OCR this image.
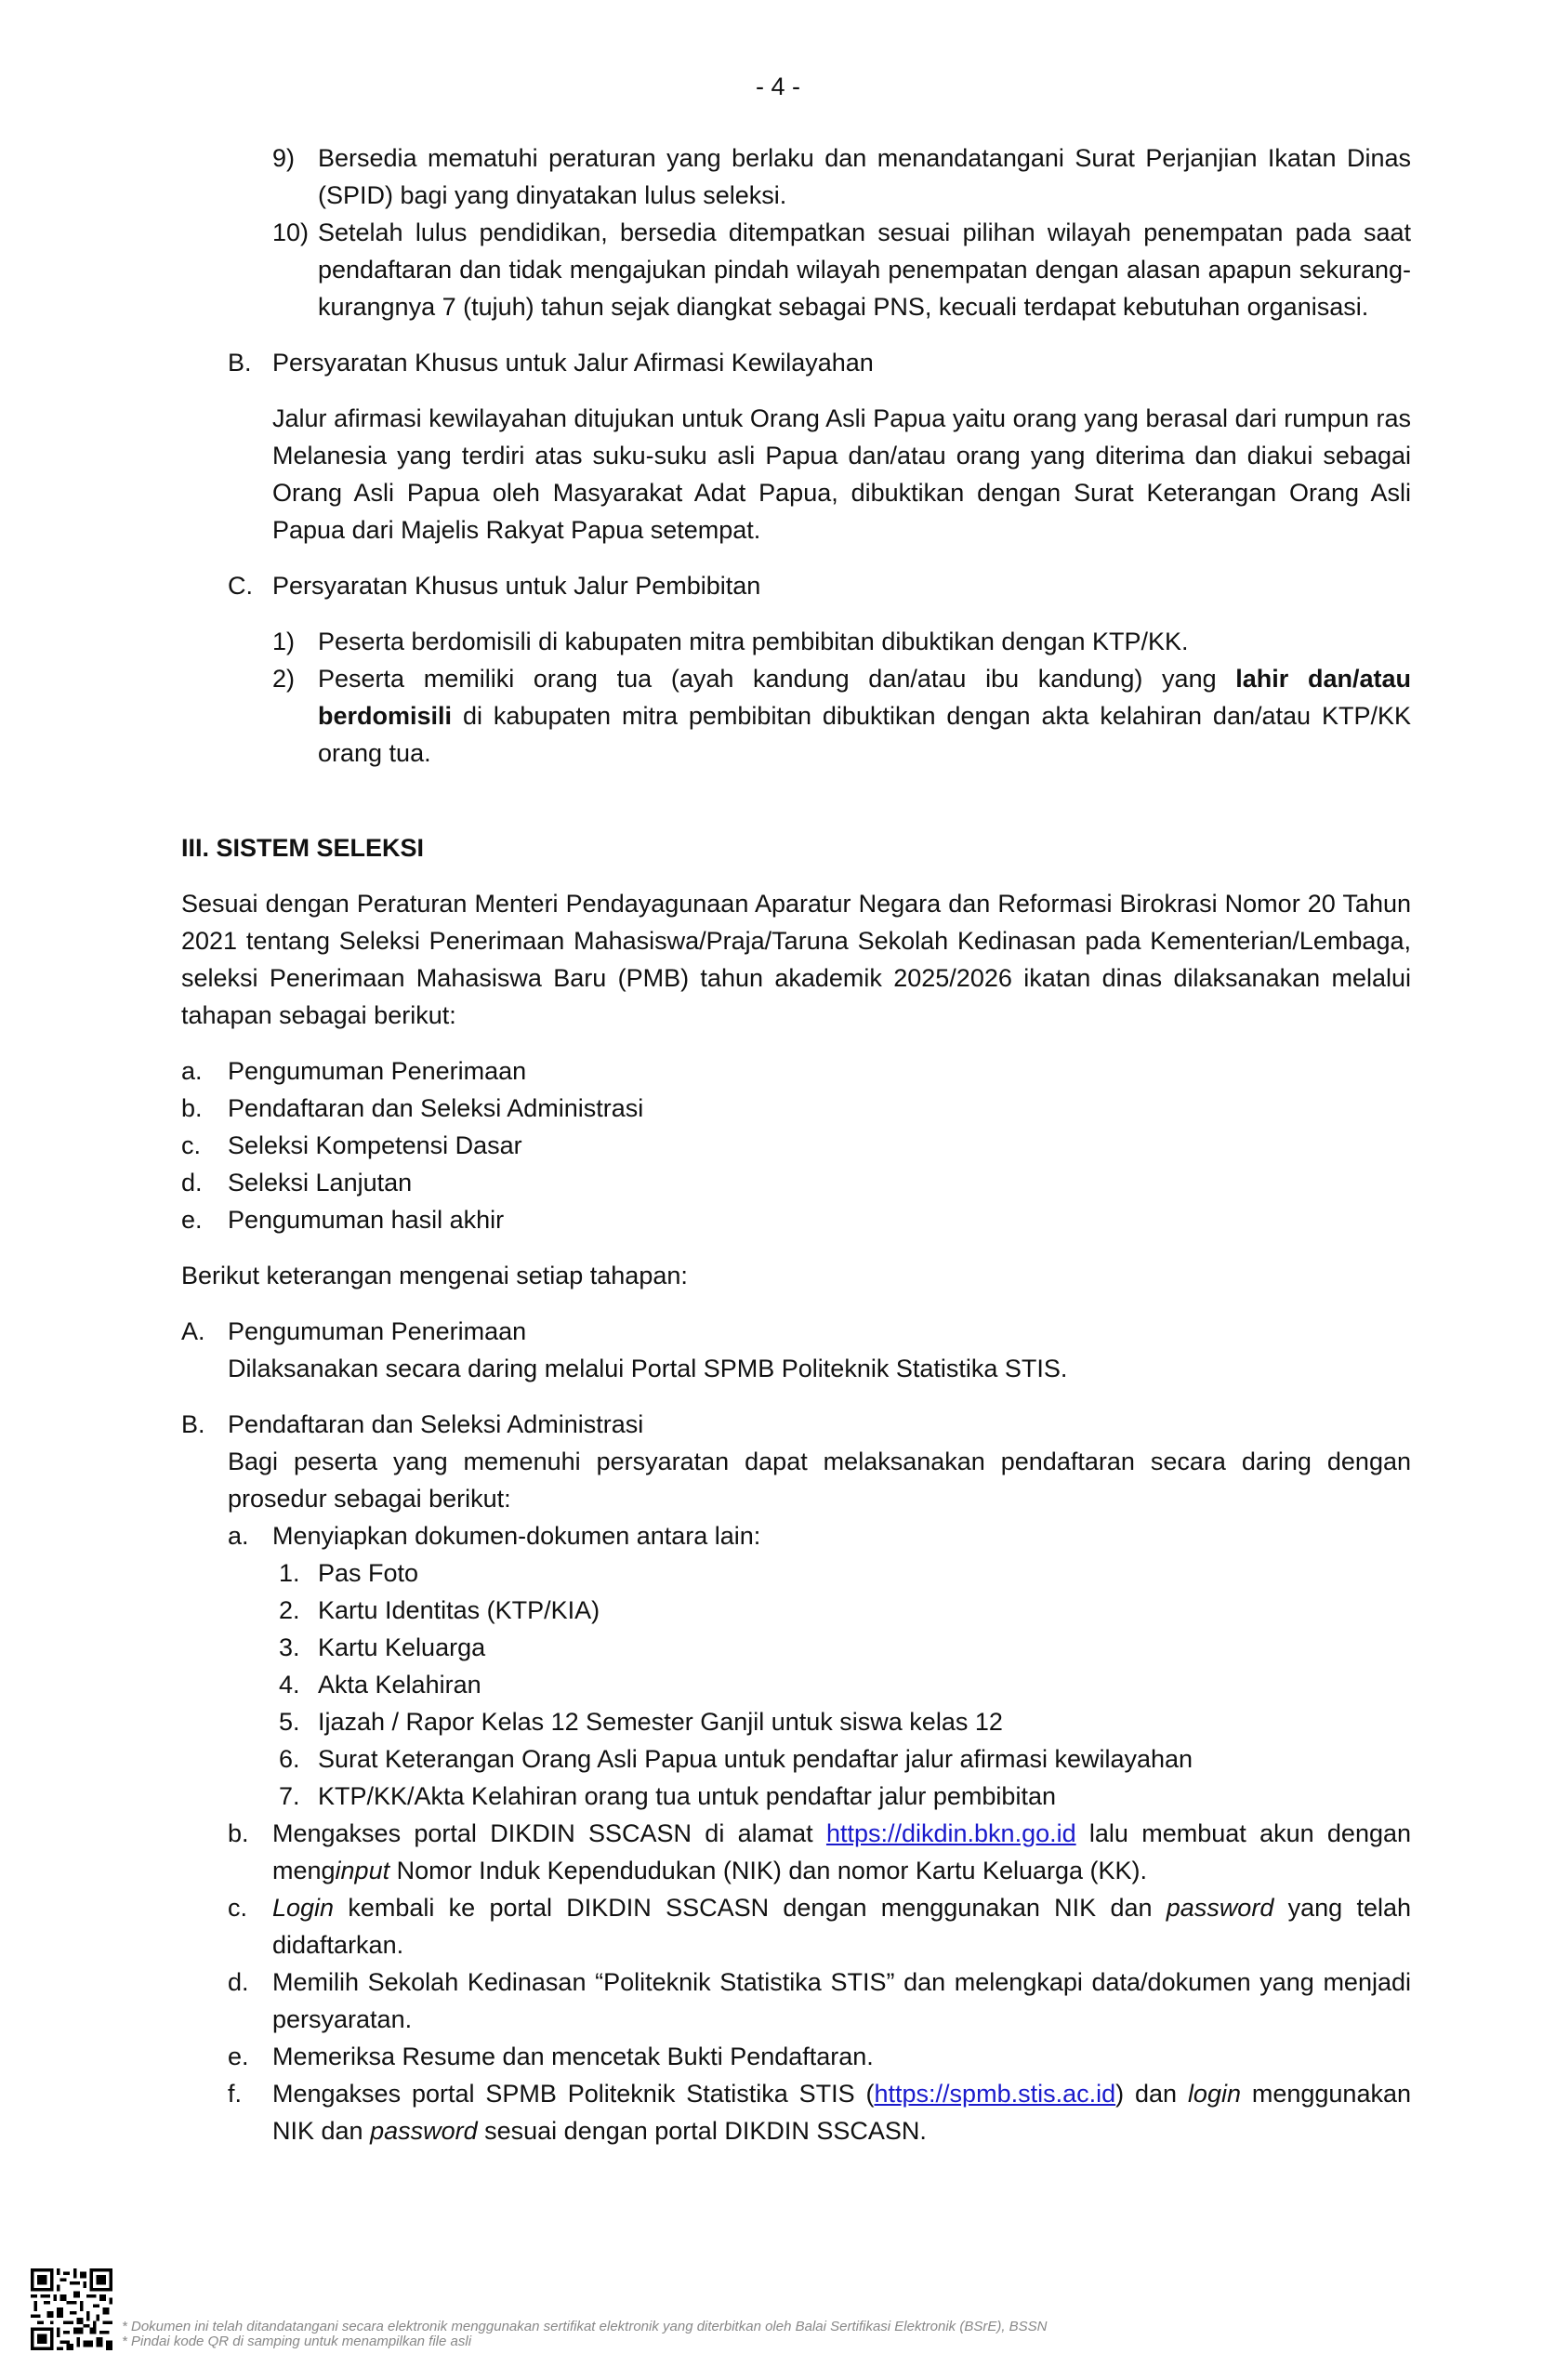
- 4 -
9) Bersedia mematuhi peraturan yang berlaku dan menandatangani Surat Perjanjian Ikatan Dinas (SPID) bagi yang dinyatakan lulus seleksi.
10) Setelah lulus pendidikan, bersedia ditempatkan sesuai pilihan wilayah penempatan pada saat pendaftaran dan tidak mengajukan pindah wilayah penempatan dengan alasan apapun sekurang-kurangnya 7 (tujuh) tahun sejak diangkat sebagai PNS, kecuali terdapat kebutuhan organisasi.
B. Persyaratan Khusus untuk Jalur Afirmasi Kewilayahan
Jalur afirmasi kewilayahan ditujukan untuk Orang Asli Papua yaitu orang yang berasal dari rumpun ras Melanesia yang terdiri atas suku-suku asli Papua dan/atau orang yang diterima dan diakui sebagai Orang Asli Papua oleh Masyarakat Adat Papua, dibuktikan dengan Surat Keterangan Orang Asli Papua dari Majelis Rakyat Papua setempat.
C. Persyaratan Khusus untuk Jalur Pembibitan
1) Peserta berdomisili di kabupaten mitra pembibitan dibuktikan dengan KTP/KK.
2) Peserta memiliki orang tua (ayah kandung dan/atau ibu kandung) yang lahir dan/atau berdomisili di kabupaten mitra pembibitan dibuktikan dengan akta kelahiran dan/atau KTP/KK orang tua.
III. SISTEM SELEKSI
Sesuai dengan Peraturan Menteri Pendayagunaan Aparatur Negara dan Reformasi Birokrasi Nomor 20 Tahun 2021 tentang Seleksi Penerimaan Mahasiswa/Praja/Taruna Sekolah Kedinasan pada Kementerian/Lembaga, seleksi Penerimaan Mahasiswa Baru (PMB) tahun akademik 2025/2026 ikatan dinas dilaksanakan melalui tahapan sebagai berikut:
a. Pengumuman Penerimaan
b. Pendaftaran dan Seleksi Administrasi
c. Seleksi Kompetensi Dasar
d. Seleksi Lanjutan
e. Pengumuman hasil akhir
Berikut keterangan mengenai setiap tahapan:
A. Pengumuman Penerimaan
Dilaksanakan secara daring melalui Portal SPMB Politeknik Statistika STIS.
B. Pendaftaran dan Seleksi Administrasi
Bagi peserta yang memenuhi persyaratan dapat melaksanakan pendaftaran secara daring dengan prosedur sebagai berikut:
a. Menyiapkan dokumen-dokumen antara lain:
1. Pas Foto
2. Kartu Identitas (KTP/KIA)
3. Kartu Keluarga
4. Akta Kelahiran
5. Ijazah / Rapor Kelas 12 Semester Ganjil untuk siswa kelas 12
6. Surat Keterangan Orang Asli Papua untuk pendaftar jalur afirmasi kewilayahan
7. KTP/KK/Akta Kelahiran orang tua untuk pendaftar jalur pembibitan
b. Mengakses portal DIKDIN SSCASN di alamat https://dikdin.bkn.go.id lalu membuat akun dengan menginput Nomor Induk Kependudukan (NIK) dan nomor Kartu Keluarga (KK).
c. Login kembali ke portal DIKDIN SSCASN dengan menggunakan NIK dan password yang telah didaftarkan.
d. Memilih Sekolah Kedinasan “Politeknik Statistika STIS” dan melengkapi data/dokumen yang menjadi persyaratan.
e. Memeriksa Resume dan mencetak Bukti Pendaftaran.
f. Mengakses portal SPMB Politeknik Statistika STIS (https://spmb.stis.ac.id) dan login menggunakan NIK dan password sesuai dengan portal DIKDIN SSCASN.
* Dokumen ini telah ditandatangani secara elektronik menggunakan sertifikat elektronik yang diterbitkan oleh Balai Sertifikasi Elektronik (BSrE), BSSN
* Pindai kode QR di samping untuk menampilkan file asli
